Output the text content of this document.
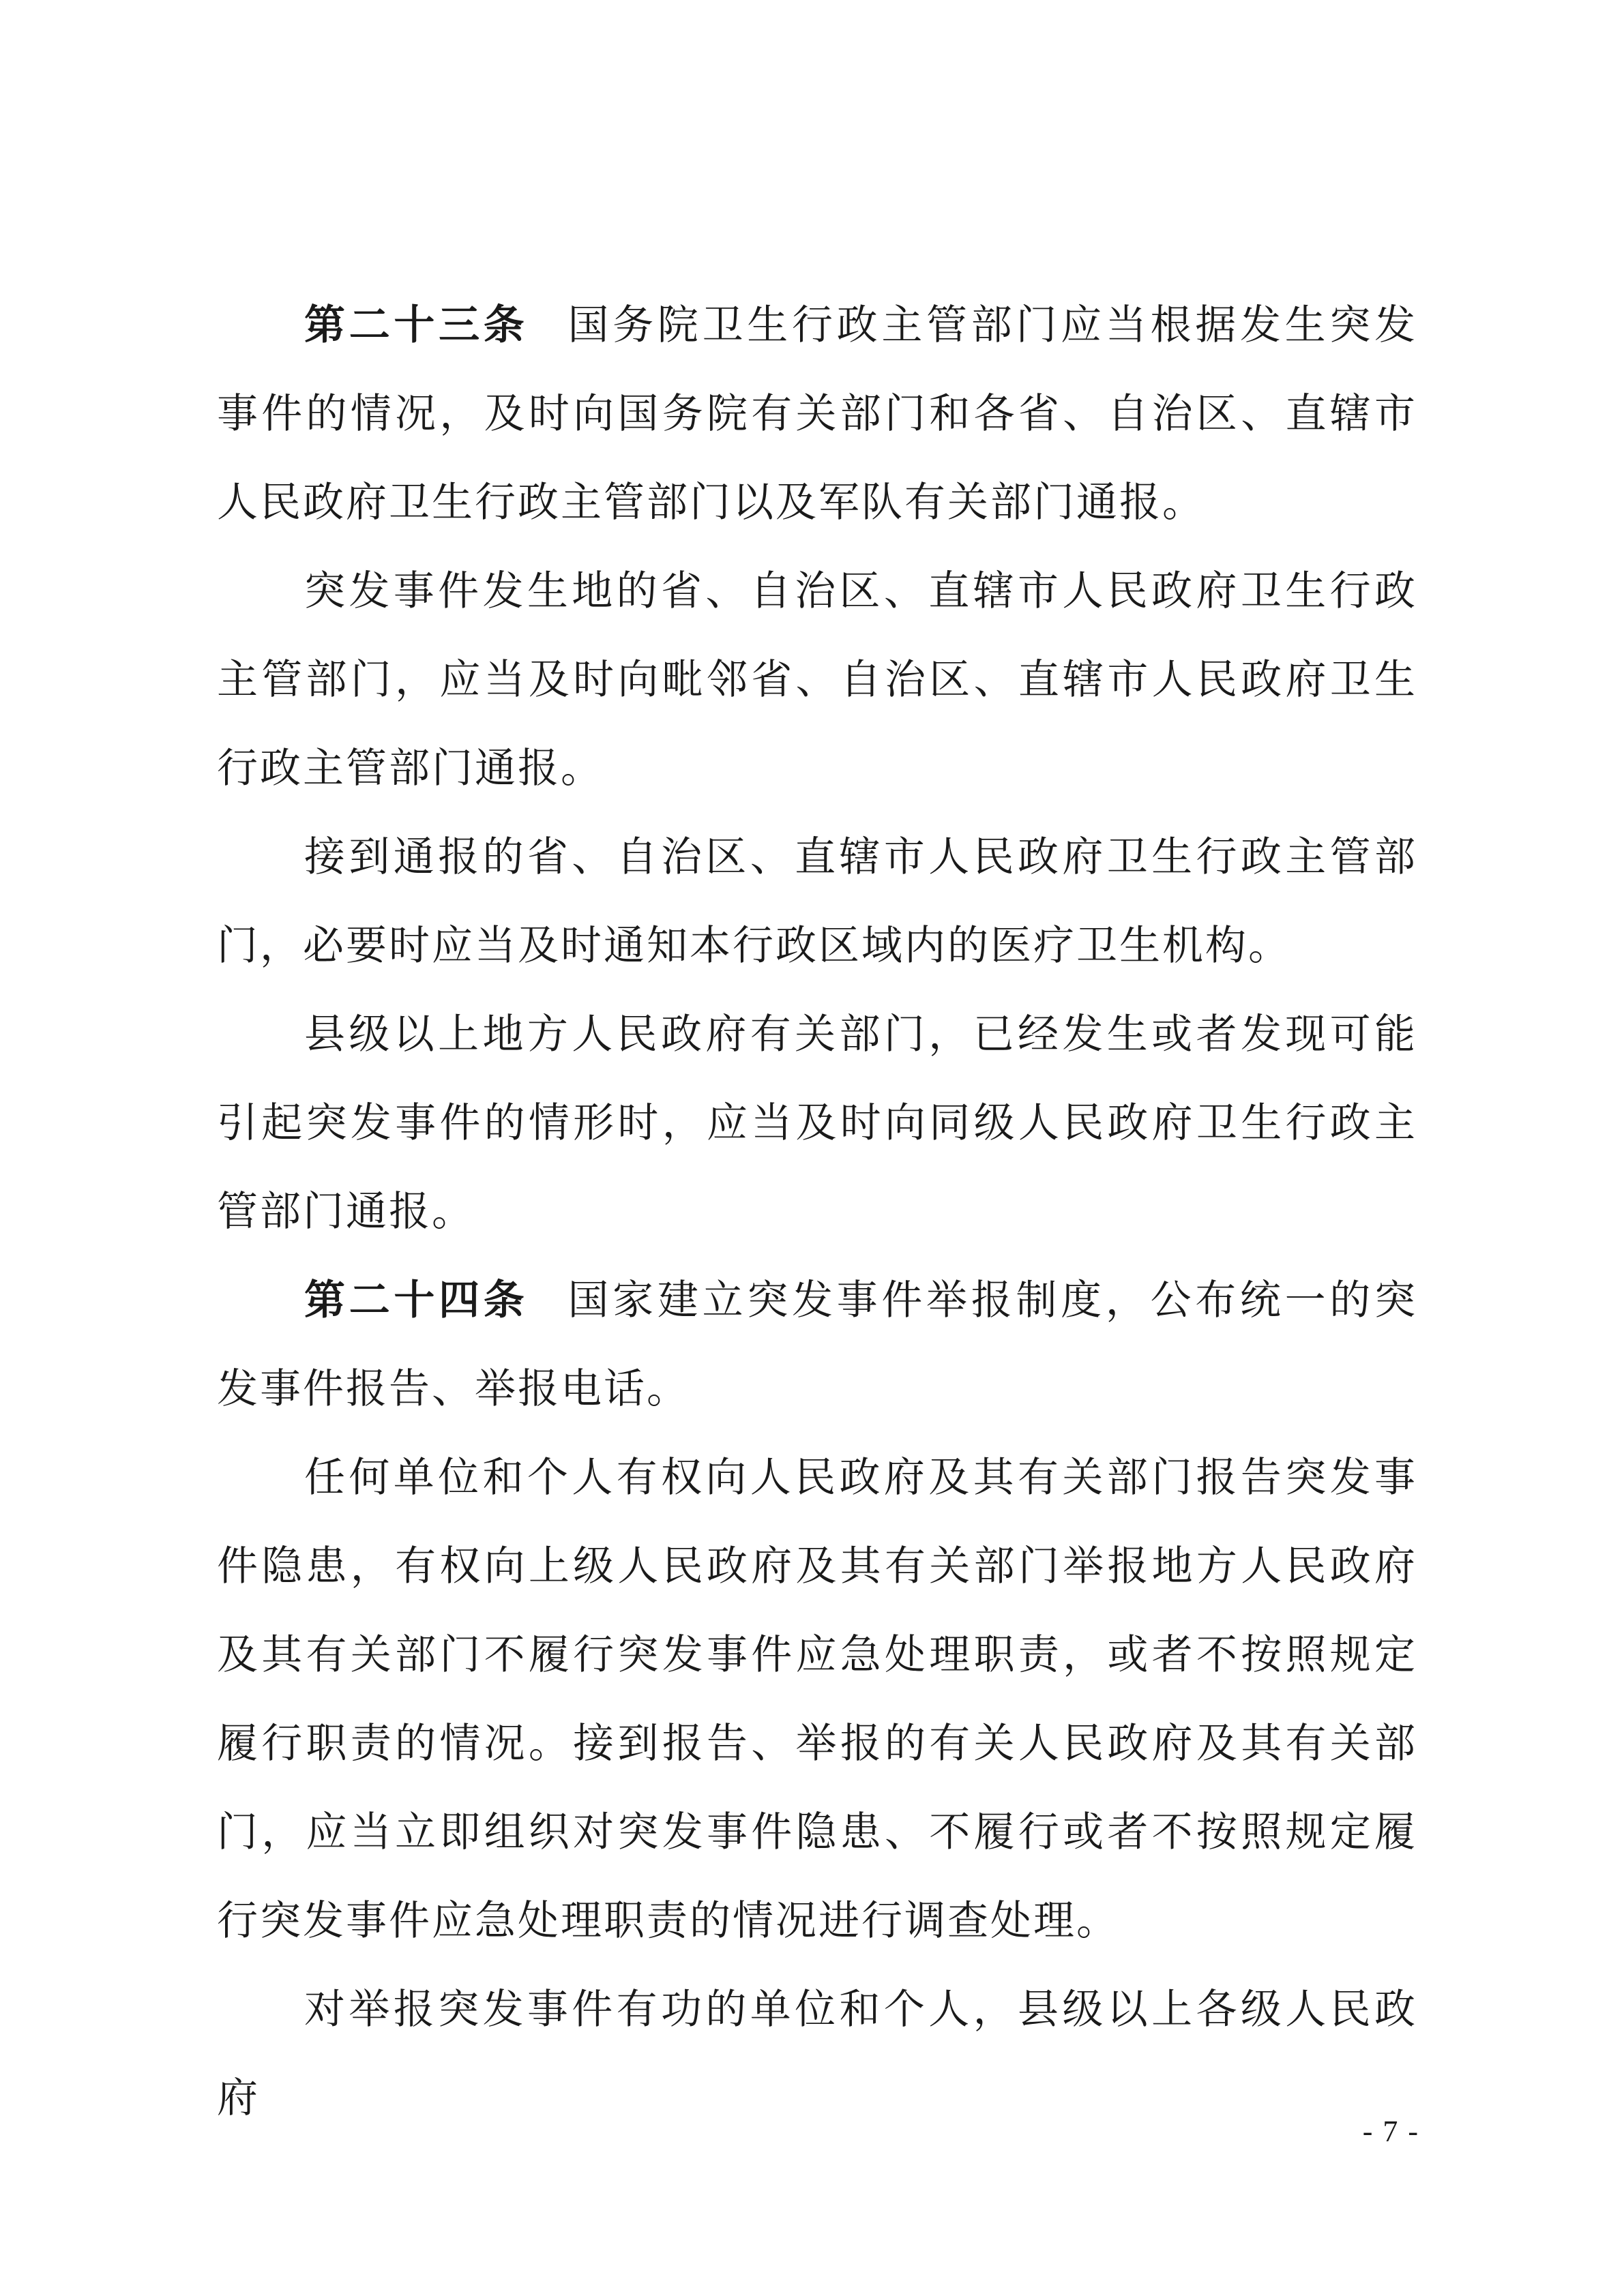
第二十三条 国务院卫生行政主管部门应当根据发生突发事件的情况，及时向国务院有关部门和各省、自治区、直辖市人民政府卫生行政主管部门以及军队有关部门通报。

突发事件发生地的省、自治区、直辖市人民政府卫生行政主管部门，应当及时向毗邻省、自治区、直辖市人民政府卫生行政主管部门通报。

接到通报的省、自治区、直辖市人民政府卫生行政主管部门，必要时应当及时通知本行政区域内的医疗卫生机构。

县级以上地方人民政府有关部门，已经发生或者发现可能引起突发事件的情形时，应当及时向同级人民政府卫生行政主管部门通报。

第二十四条 国家建立突发事件举报制度，公布统一的突发事件报告、举报电话。

任何单位和个人有权向人民政府及其有关部门报告突发事件隐患，有权向上级人民政府及其有关部门举报地方人民政府及其有关部门不履行突发事件应急处理职责，或者不按照规定履行职责的情况。接到报告、举报的有关人民政府及其有关部门，应当立即组织对突发事件隐患、不履行或者不按照规定履行突发事件应急处理职责的情况进行调查处理。

对举报突发事件有功的单位和个人，县级以上各级人民政府

- 7 -
